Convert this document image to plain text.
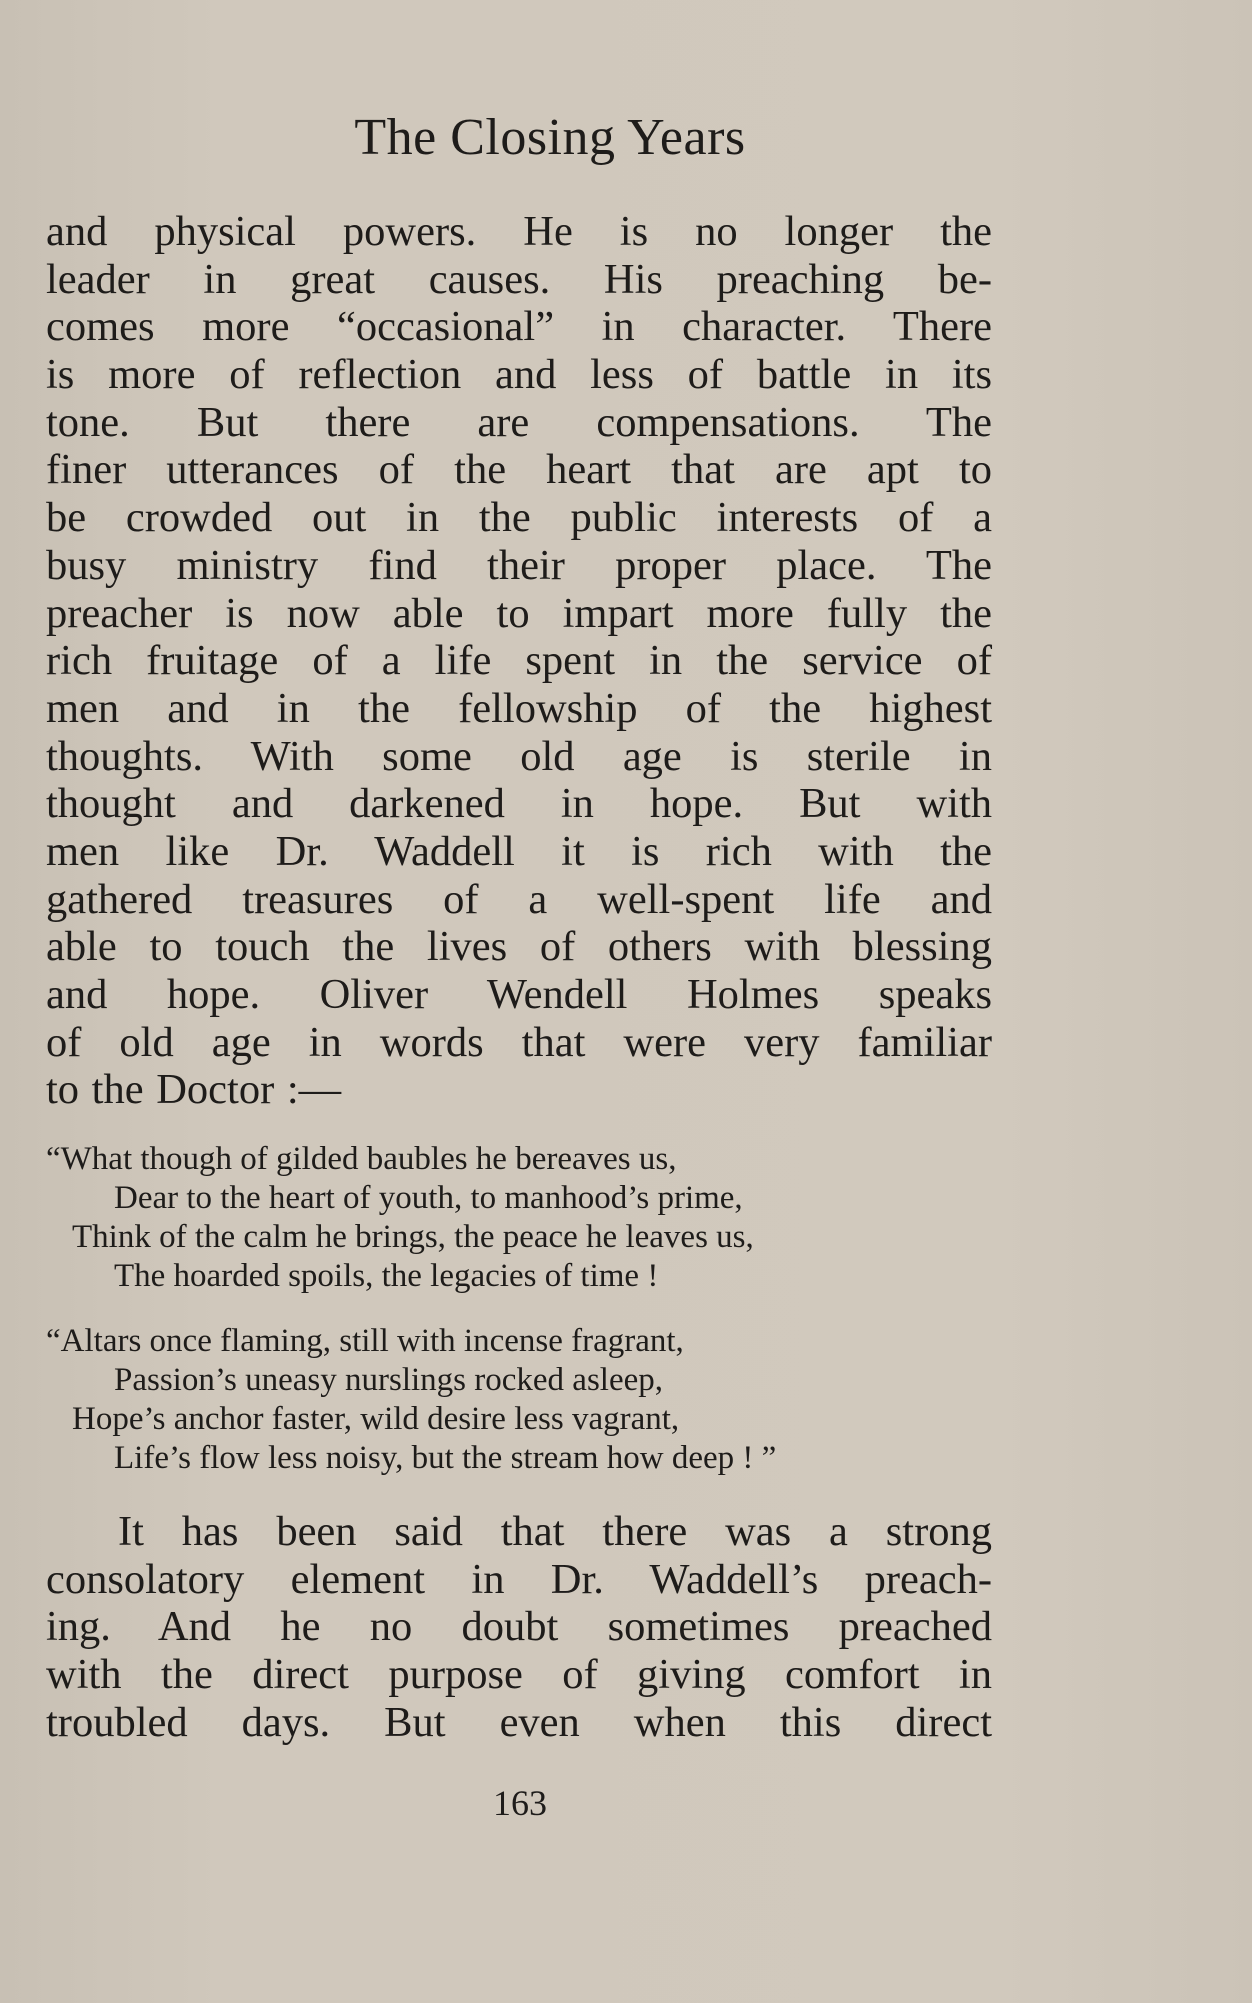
The Closing Years
and physical powers. He is no longer the
leader in great causes. His preaching be-
comes more “occasional” in character. There
is more of reflection and less of battle in its
tone. But there are compensations. The
finer utterances of the heart that are apt to
be crowded out in the public interests of a
busy ministry find their proper place. The
preacher is now able to impart more fully the
rich fruitage of a life spent in the service of
men and in the fellowship of the highest
thoughts. With some old age is sterile in
thought and darkened in hope. But with
men like Dr. Waddell it is rich with the
gathered treasures of a well-spent life and
able to touch the lives of others with blessing
and hope. Oliver Wendell Holmes speaks
of old age in words that were very familiar
to the Doctor :—
“What though of gilded baubles he bereaves us,
Dear to the heart of youth, to manhood’s prime,
Think of the calm he brings, the peace he leaves us,
The hoarded spoils, the legacies of time !
“Altars once flaming, still with incense fragrant,
Passion’s uneasy nurslings rocked asleep,
Hope’s anchor faster, wild desire less vagrant,
Life’s flow less noisy, but the stream how deep ! ”
It has been said that there was a strong
consolatory element in Dr. Waddell’s preach-
ing. And he no doubt sometimes preached
with the direct purpose of giving comfort in
troubled days. But even when this direct
163
